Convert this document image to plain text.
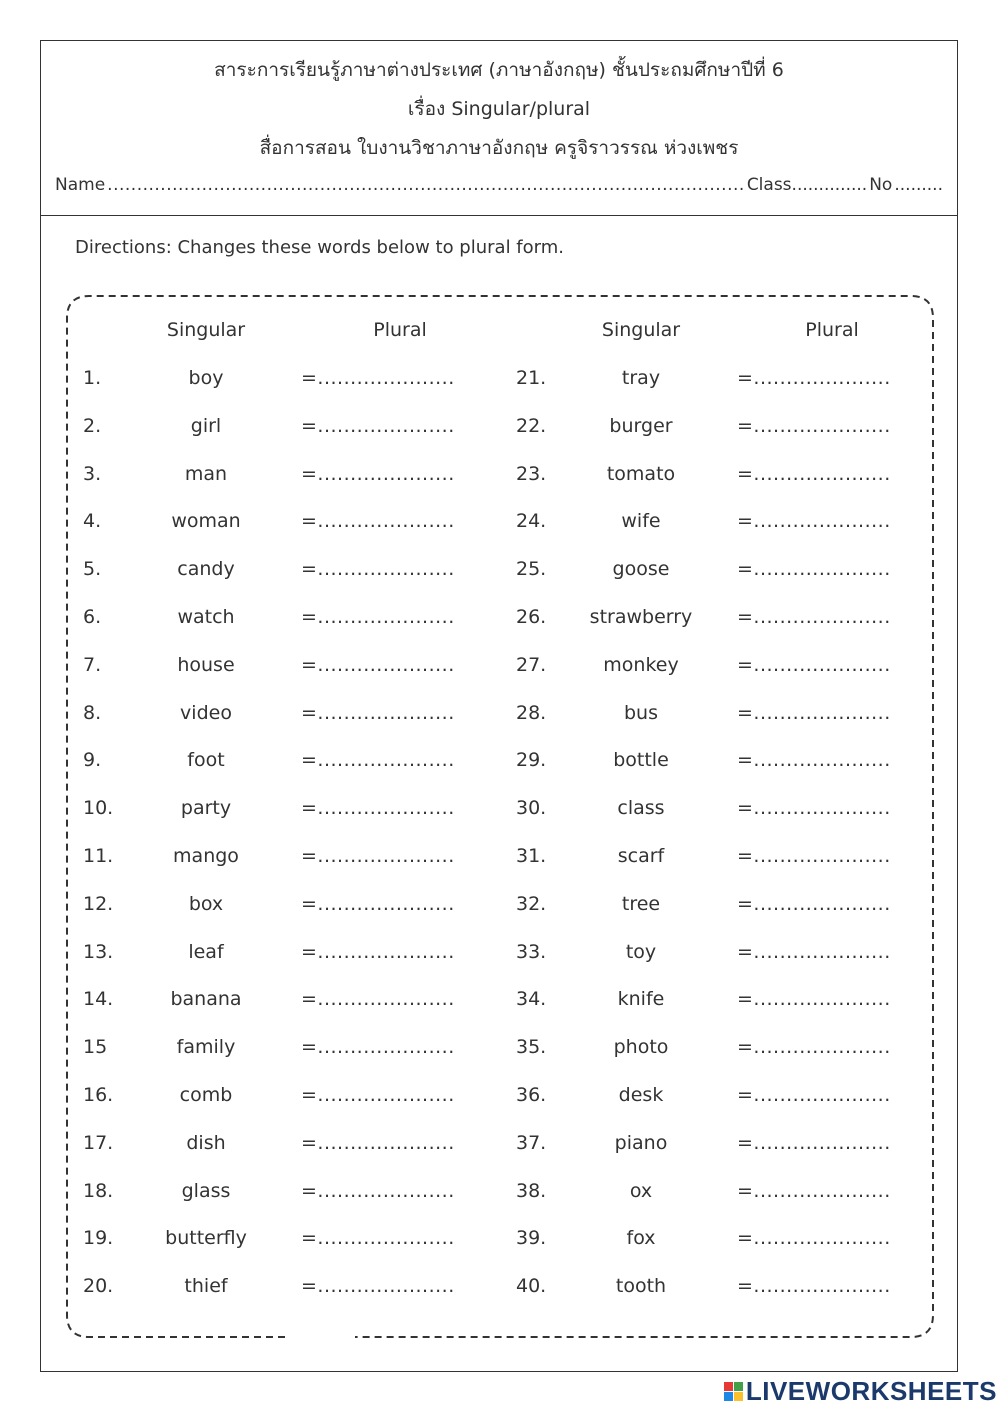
สาระการเรียนรู้ภาษาต่างประเทศ (ภาษาอังกฤษ) ชั้นประถมศึกษาปีที่ 6
เรื่อง Singular/plural
สื่อการสอน ใบงานวิชาภาษาอังกฤษ ครูจิราวรรณ ห่วงเพชร
Name ............................................................................................................ Class.............. No .........
Directions: Changes these words below to plural form.
Singular	Plural	Singular	Plural
1.	boy	=.....................
2.	girl	=.....................
3.	man	=.....................
4.	woman	=.....................
5.	candy	=.....................
6.	watch	=.....................
7.	house	=.....................
8.	video	=.....................
9.	foot	=.....................
10.	party	=.....................
11.	mango	=.....................
12.	box	=.....................
13.	leaf	=.....................
14.	banana	=.....................
15	family	=.....................
16.	comb	=.....................
17.	dish	=.....................
18.	glass	=.....................
19.	butterfly	=.....................
20.	thief	=.....................
21.	tray	=.....................
22.	burger	=.....................
23.	tomato	=.....................
24.	wife	=.....................
25.	goose	=.....................
26.	strawberry	=.....................
27.	monkey	=.....................
28.	bus	=.....................
29.	bottle	=.....................
30.	class	=.....................
31.	scarf	=.....................
32.	tree	=.....................
33.	toy	=.....................
34.	knife	=.....................
35.	photo	=.....................
36.	desk	=.....................
37.	piano	=.....................
38.	ox	=.....................
39.	fox	=.....................
40.	tooth	=.....................
LIVEWORKSHEETS
